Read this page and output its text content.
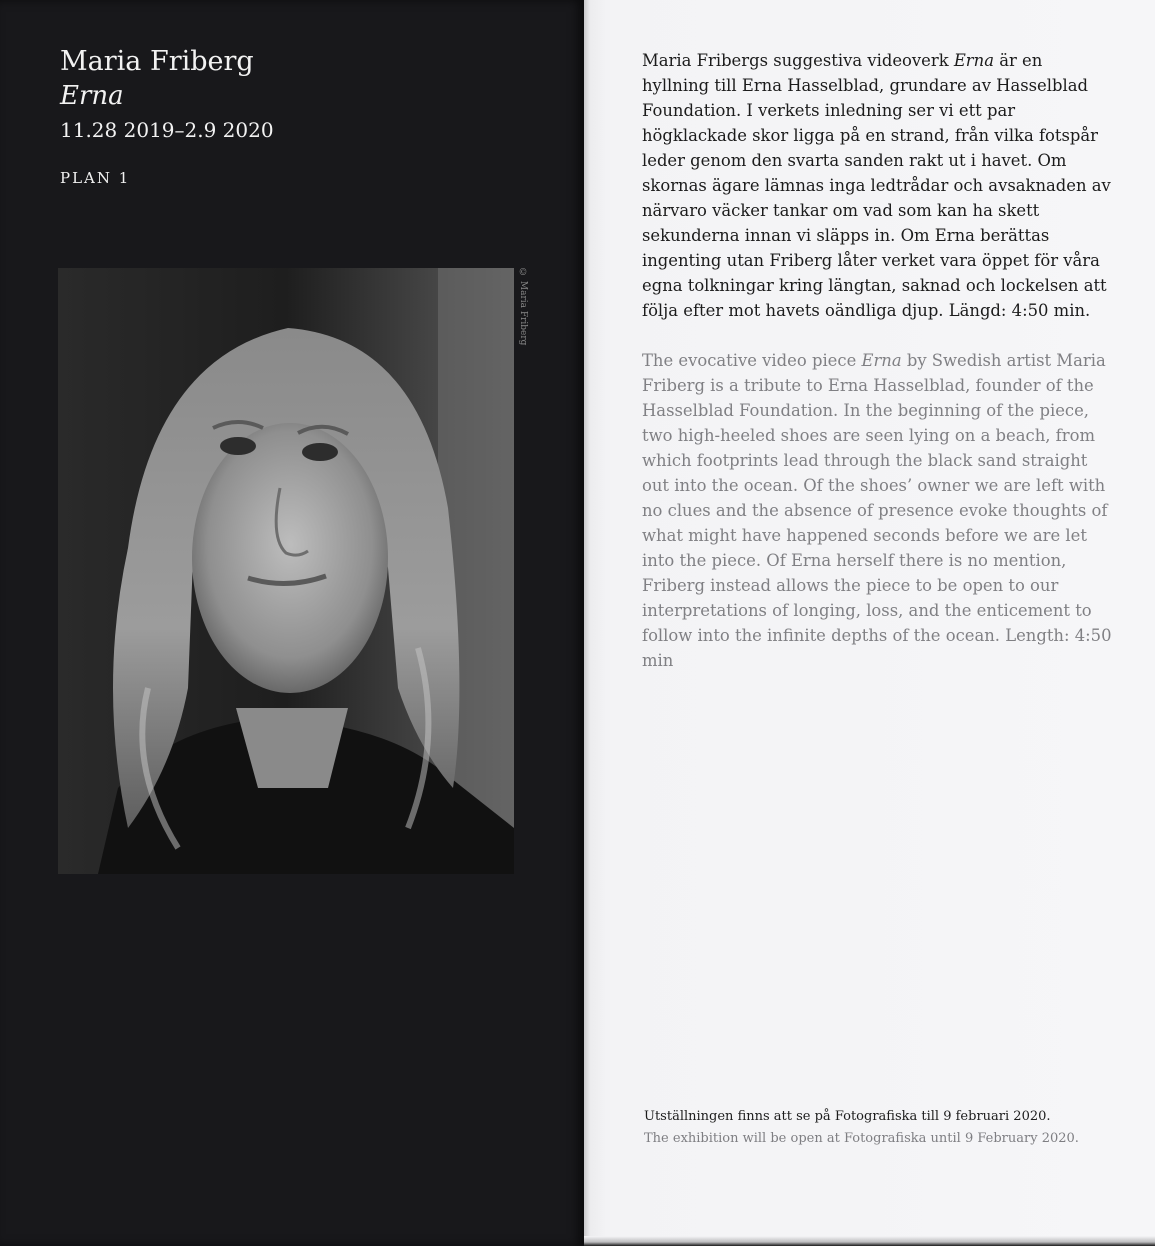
Maria Friberg
Erna
11.28 2019–2.9 2020
PLAN 1
© Maria Friberg
Maria Fribergs suggestiva videoverk Erna är en hyllning till Erna Hasselblad, grundare av Hasselblad Foundation. I verkets inledning ser vi ett par högklackade skor ligga på en strand, från vilka fotspår leder genom den svarta sanden rakt ut i havet. Om skornas ägare lämnas inga ledtrådar och avsaknaden av närvaro väcker tankar om vad som kan ha skett sekunderna innan vi släpps in. Om Erna berättas ingenting utan Friberg låter verket vara öppet för våra egna tolkningar kring längtan, saknad och lockelsen att följa efter mot havets oändliga djup. Längd: 4:50 min.
The evocative video piece Erna by Swedish artist Maria Friberg is a tribute to Erna Hasselblad, founder of the Hasselblad Foundation. In the beginning of the piece, two high-heeled shoes are seen lying on a beach, from which footprints lead through the black sand straight out into the ocean. Of the shoes’ owner we are left with no clues and the absence of presence evoke thoughts of what might have happened seconds before we are let into the piece. Of Erna herself there is no mention, Friberg instead allows the piece to be open to our interpretations of longing, loss, and the enticement to follow into the infinite depths of the ocean. Length: 4:50 min
Utställningen finns att se på Fotografiska till 9 februari 2020.
The exhibition will be open at Fotografiska until 9 February 2020.
